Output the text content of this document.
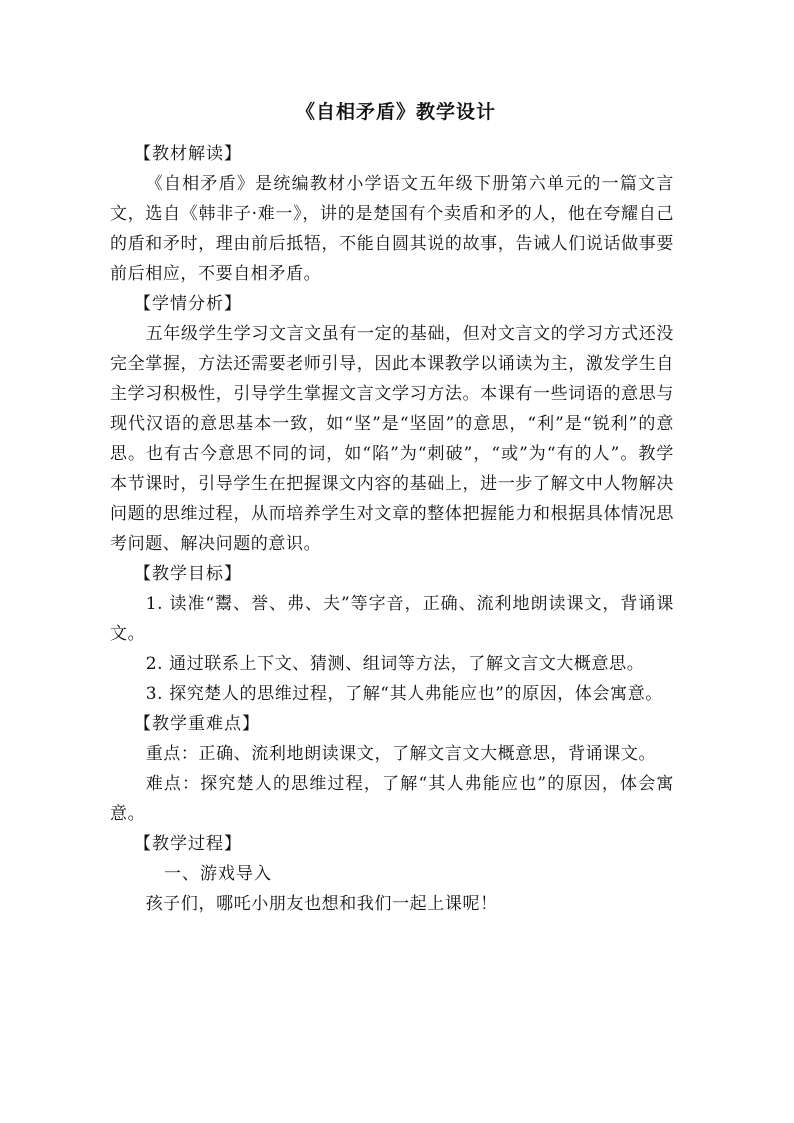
《自相矛盾》教学设计
【教材解读】

《自相矛盾》是统编教材小学语文五年级下册第六单元的一篇文言文，选自《韩非子·难一》，讲的是楚国有个卖盾和矛的人，他在夸耀自己的盾和矛时，理由前后抵牾，不能自圆其说的故事，告诫人们说话做事要前后相应，不要自相矛盾。

【学情分析】

五年级学生学习文言文虽有一定的基础，但对文言文的学习方式还没完全掌握，方法还需要老师引导，因此本课教学以诵读为主，激发学生自主学习积极性，引导学生掌握文言文学习方法。本课有一些词语的意思与现代汉语的意思基本一致，如“坚”是“坚固”的意思，“利”是“锐利”的意思。也有古今意思不同的词，如“陷”为“刺破”，“或”为“有的人”。教学本节课时，引导学生在把握课文内容的基础上，进一步了解文中人物解决问题的思维过程，从而培养学生对文章的整体把握能力和根据具体情况思考问题、解决问题的意识。

【教学目标】

1. 读准“鬻、誉、弗、夫”等字音，正确、流利地朗读课文，背诵课文。

2. 通过联系上下文、猜测、组词等方法，了解文言文大概意思。

3. 探究楚人的思维过程，了解“其人弗能应也”的原因，体会寓意。

【教学重难点】

重点：正确、流利地朗读课文，了解文言文大概意思，背诵课文。

难点：探究楚人的思维过程，了解“其人弗能应也”的原因，体会寓意。

【教学过程】
一、游戏导入

孩子们，哪吒小朋友也想和我们一起上课呢！
